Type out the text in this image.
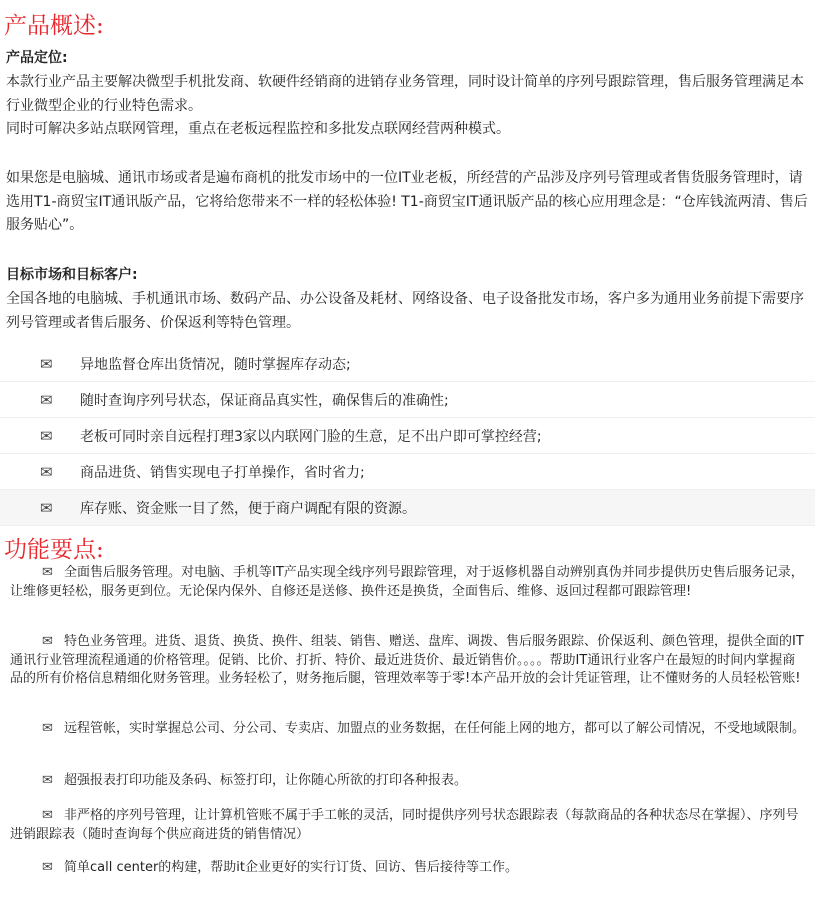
产品概述:
产品定位:

本款行业产品主要解决微型手机批发商、软硬件经销商的进销存业务管理，同时设计简单的序列号跟踪管理，售后服务管理满足本行业微型企业的行业特色需求。

同时可解决多站点联网管理，重点在老板远程监控和多批发点联网经营两种模式。

如果您是电脑城、通讯市场或者是遍布商机的批发市场中的一位IT业老板，所经营的产品涉及序列号管理或者售货服务管理时，请选用T1-商贸宝IT通讯版产品，它将给您带来不一样的轻松体验! T1-商贸宝IT通讯版产品的核心应用理念是：“仓库钱流两清、售后服务贴心”。

目标市场和目标客户:

全国各地的电脑城、手机通讯市场、数码产品、办公设备及耗材、网络设备、电子设备批发市场，客户多为通用业务前提下需要序列号管理或者售后服务、价保返利等特色管理。

✉	异地监督仓库出货情况，随时掌握库存动态;
✉	随时查询序列号状态，保证商品真实性，确保售后的准确性;
✉	老板可同时亲自远程打理3家以内联网门脸的生意，足不出户即可掌控经营;
✉	商品进货、销售实现电子打单操作，省时省力;
✉	库存账、资金账一目了然，便于商户调配有限的资源。
功能要点:

✉ 全面售后服务管理。对电脑、手机等IT产品实现全线序列号跟踪管理，对于返修机器自动辨别真伪并同步提供历史售后服务记录，让维修更轻松，服务更到位。无论保内保外、自修还是送修、换件还是换货，全面售后、维修、返回过程都可跟踪管理!

✉ 特色业务管理。进货、退货、换货、换件、组装、销售、赠送、盘库、调拨、售后服务跟踪、价保返利、颜色管理，提供全面的IT通讯行业管理流程通通的价格管理。促销、比价、打折、特价、最近进货价、最近销售价。。。。帮助IT通讯行业客户在最短的时间内掌握商品的所有价格信息精细化财务管理。业务轻松了，财务拖后腿，管理效率等于零!本产品开放的会计凭证管理，让不懂财务的人员轻松管账!

✉ 远程管帐，实时掌握总公司、分公司、专卖店、加盟点的业务数据，在任何能上网的地方，都可以了解公司情况，不受地域限制。

✉ 超强报表打印功能及条码、标签打印，让你随心所欲的打印各种报表。

✉ 非严格的序列号管理，让计算机管账不属于手工帐的灵活，同时提供序列号状态跟踪表（每款商品的各种状态尽在掌握）、序列号进销跟踪表（随时查询每个供应商进货的销售情况）

✉ 简单call center的构建，帮助it企业更好的实行订货、回访、售后接待等工作。
